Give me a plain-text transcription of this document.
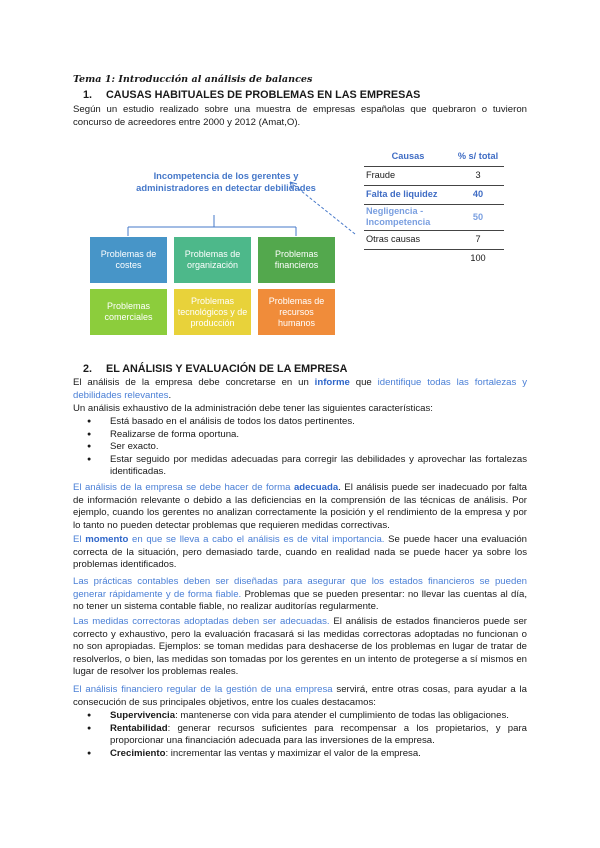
Tema 1: Introducción al análisis de balances
1. CAUSAS HABITUALES DE PROBLEMAS EN LAS EMPRESAS
Según un estudio realizado sobre una muestra de empresas españolas que quebraron o tuvieron concurso de acreedores entre 2000 y 2012 (Amat,O).
Incompetencia de los gerentes y administradores en detectar debilidades
Problemas de costes
Problemas de organización
Problemas financieros
Problemas comerciales
Problemas tecnológicos y de producción
Problemas de recursos humanos
Causas	% s/ total
Fraude	3
Falta de liquidez	40
Negligencia - Incompetencia	50
Otras causas	7
	100
2. EL ANÁLISIS Y EVALUACIÓN DE LA EMPRESA
El análisis de la empresa debe concretarse en un informe que identifique todas las fortalezas y debilidades relevantes.
Un análisis exhaustivo de la administración debe tener las siguientes características:
● Está basado en el análisis de todos los datos pertinentes.
● Realizarse de forma oportuna.
● Ser exacto.
● Estar seguido por medidas adecuadas para corregir las debilidades y aprovechar las fortalezas identificadas.
El análisis de la empresa se debe hacer de forma adecuada. El análisis puede ser inadecuado por falta de información relevante o debido a las deficiencias en la comprensión de las técnicas de análisis. Por ejemplo, cuando los gerentes no analizan correctamente la posición y el rendimiento de la empresa y por lo tanto no pueden detectar problemas que requieren medidas correctivas.
El momento en que se lleva a cabo el análisis es de vital importancia. Se puede hacer una evaluación correcta de la situación, pero demasiado tarde, cuando en realidad nada se puede hacer ya sobre los problemas identificados.
Las prácticas contables deben ser diseñadas para asegurar que los estados financieros se pueden generar rápidamente y de forma fiable. Problemas que se pueden presentar: no llevar las cuentas al día, no tener un sistema contable fiable, no realizar auditorías regularmente.
Las medidas correctoras adoptadas deben ser adecuadas. El análisis de estados financieros puede ser correcto y exhaustivo, pero la evaluación fracasará si las medidas correctoras adoptadas no funcionan o no son apropiadas. Ejemplos: se toman medidas para deshacerse de los problemas en lugar de tratar de resolverlos, o bien, las medidas son tomadas por los gerentes en un intento de protegerse a sí mismos en lugar de resolver los problemas reales.
El análisis financiero regular de la gestión de una empresa servirá, entre otras cosas, para ayudar a la consecución de sus principales objetivos, entre los cuales destacamos:
● Supervivencia: mantenerse con vida para atender el cumplimiento de todas las obligaciones.
● Rentabilidad: generar recursos suficientes para recompensar a los propietarios, y para proporcionar una financiación adecuada para las inversiones de la empresa.
● Crecimiento: incrementar las ventas y maximizar el valor de la empresa.
